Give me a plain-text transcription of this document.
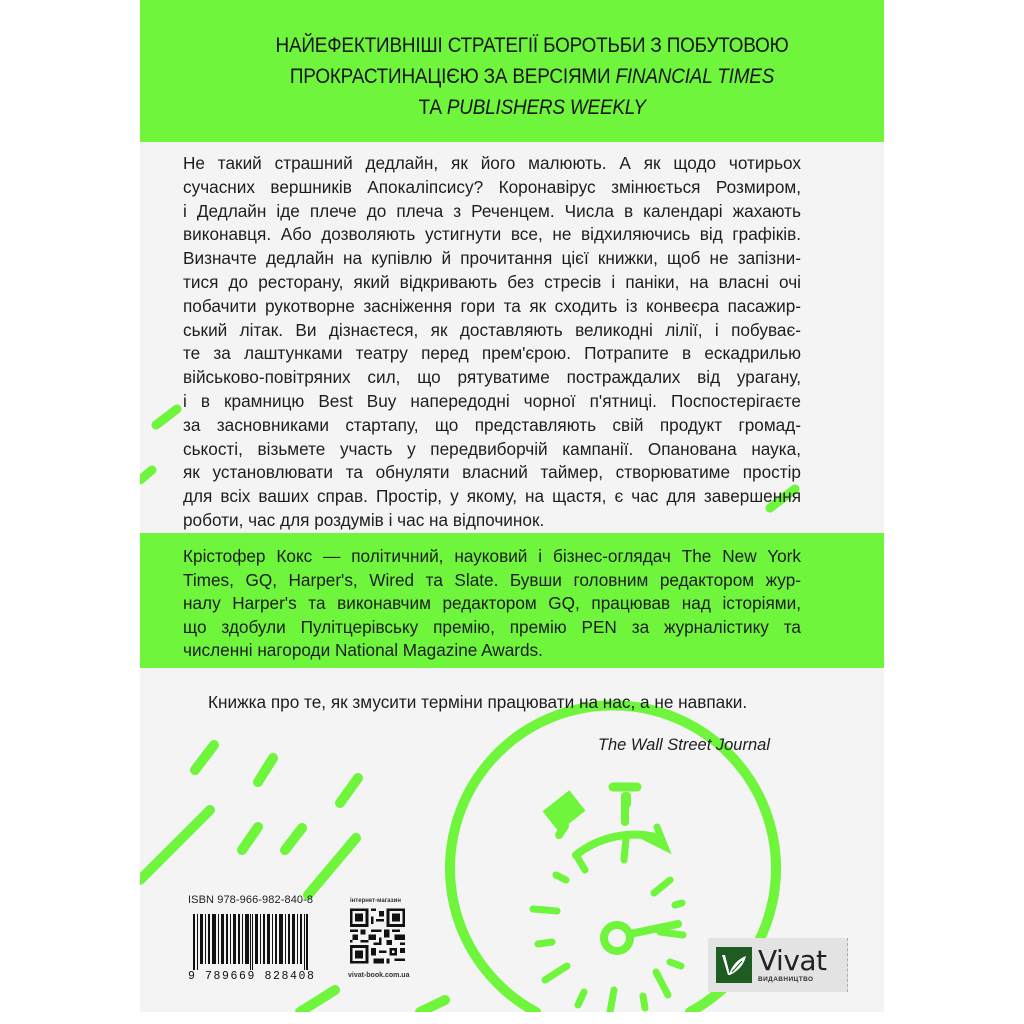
НАЙЕФЕКТИВНІШІ СТРАТЕГІЇ БОРОТЬБИ З ПОБУТОВОЮ
ПРОКРАСТИНАЦІЄЮ ЗА ВЕРСІЯМИ FINANCIAL TIMES
ТА PUBLISHERS WEEKLY
Не такий страшний дедлайн, як його малюють. А як щодо чотирьох
сучасних вершників Апокаліпсису? Коронавірус змінюється Розмиром,
і Дедлайн іде плече до плеча з Реченцем. Числа в календарі жахають
виконавця. Або дозволяють устигнути все, не відхиляючись від графіків.
Визначте дедлайн на купівлю й прочитання цієї книжки, щоб не запізни-
тися до ресторану, який відкривають без стресів і паніки, на власні очі
побачити рукотворне засніження гори та як сходить із конвеєра пасажир-
ський літак. Ви дізнаєтеся, як доставляють великодні лілії, і побуває-
те за лаштунками театру перед прем'єрою. Потрапите в ескадрилью
військово-повітряних сил, що рятуватиме постраждалих від урагану,
і в крамницю Best Buy напередодні чорної п'ятниці. Поспостерігаєте
за засновниками стартапу, що представляють свій продукт громад-
ськості, візьмете участь у передвиборчій кампанії. Опанована наука,
як установлювати та обнуляти власний таймер, створюватиме простір
для всіх ваших справ. Простір, у якому, на щастя, є час для завершення
роботи, час для роздумів і час на відпочинок.
Крістофер Кокс — політичний, науковий і бізнес-оглядач The New York
Times, GQ, Harper's, Wired та Slate. Бувши головним редактором жур-
налу Harper's та виконавчим редактором GQ, працював над історіями,
що здобули Пулітцерівську премію, премію PEN за журналістику та
численні нагороди National Magazine Awards.
Книжка про те, як змусити терміни працювати на нас, а не навпаки.
The Wall Street Journal
ISBN 978-966-982-840-8
9 789669 828408
інтернет-магазин
vivat-book.com.ua	Vivat
ВИДАВНИЦТВО
